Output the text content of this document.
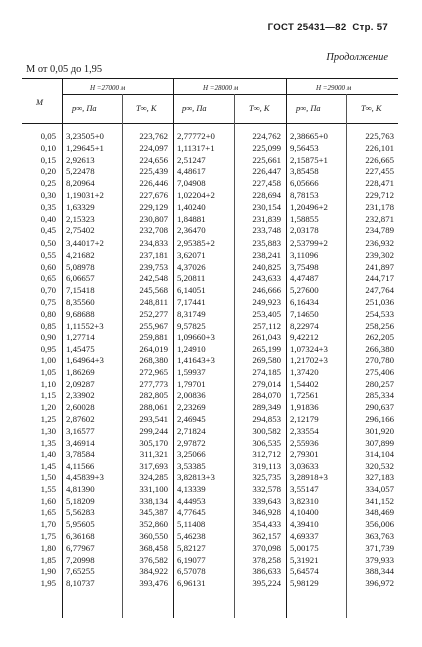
ГОСТ 25431—82 Стр. 57
Продолжение
М от 0,05 до 1,95
М
H =27000 м
p∞, Па	T∞, К
H =28000 м
p∞, Па	T∞, К
H =29000 м
p∞, Па	T∞, К
0,05 3,23505+0	223,762 2,77772+0	224,762 2,38665+0	225,763
0,10 1,29645+1	224,097 1,11317+1	225,099 9,56453	226,101
0,15 2,92613	224,656 2,51247	225,661 2,15875+1	226,665
0,20 5,22478	225,439 4,48617	226,447 3,85458	227,455
0,25 8,20964	226,446 7,04908	227,458 6,05666	228,471
0,30 1,19031+2	227,676 1,02204+2	228,694 8,78153	229,712
0,35 1,63329	229,129 1,40240	230,154 1,20496+2	231,178
0,40 2,15323	230,807 1,84881	231,839 1,58855	232,871
0,45 2,75402	232,708 2,36470	233,748 2,03178	234,789
0,50 3,44017+2	234,833 2,95385+2	235,883 2,53799+2	236,932
0,55 4,21682	237,181 3,62071	238,241 3,11096	239,302
0,60 5,08978	239,753 4,37026	240,825 3,75498	241,897
0,65 6,06657	242,548 5,20811	243,633 4,47487	244,717
0,70 7,15418	245,568 6,14051	246,666 5,27600	247,764
0,75 8,35560	248,811 7,17441	249,923 6,16434	251,036
0,80 9,68688	252,277 8,31749	253,405 7,14650	254,533
0,85 1,11552+3	255,967 9,57825	257,112 8,22974	258,256
0,90 1,27714	259,881 1,09660+3	261,043 9,42212	262,205
0,95 1,45475	264,019 1,24910	265,199 1,07324+3	266,380
1,00 1,64964+3	268,380 1,41643+3	269,580 1,21702+3	270,780
1,05 1,86269	272,965 1,59937	274,185 1,37420	275,406
1,10 2,09287	277,773 1,79701	279,014 1,54402	280,257
1,15 2,33902	282,805 2,00836	284,070 1,72561	285,334
1,20 2,60028	288,061 2,23269	289,349 1,91836	290,637
1,25 2,87602	293,541 2,46945	294,853 2,12179	296,166
1,30 3,16577	299,244 2,71824	300,582 2,33554	301,920
1,35 3,46914	305,170 2,97872	306,535 2,55936	307,899
1,40 3,78584	311,321 3,25066	312,712 2,79301	314,104
1,45 4,11566	317,693 3,53385	319,113 3,03633	320,532
1,50 4,45839+3	324,285 3,82813+3	325,735 3,28918+3	327,183
1,55 4,81390	331,100 4,13339	332,578 3,55147	334,057
1,60 5,18209	338,134 4,44953	339,643 3,82310	341,152
1,65 5,56283	345,387 4,77645	346,928 4,10400	348,469
1,70 5,95605	352,860 5,11408	354,433 4,39410	356,006
1,75 6,36168	360,550 5,46238	362,157 4,69337	363,763
1,80 6,77967	368,458 5,82127	370,098 5,00175	371,739
1,85 7,20998	376,582 6,19077	378,258 5,31921	379,933
1,90 7,65255	384,922 6,57078	386,633 5,64574	388,344
1,95 8,10737	393,476 6,96131	395,224 5,98129	396,972
